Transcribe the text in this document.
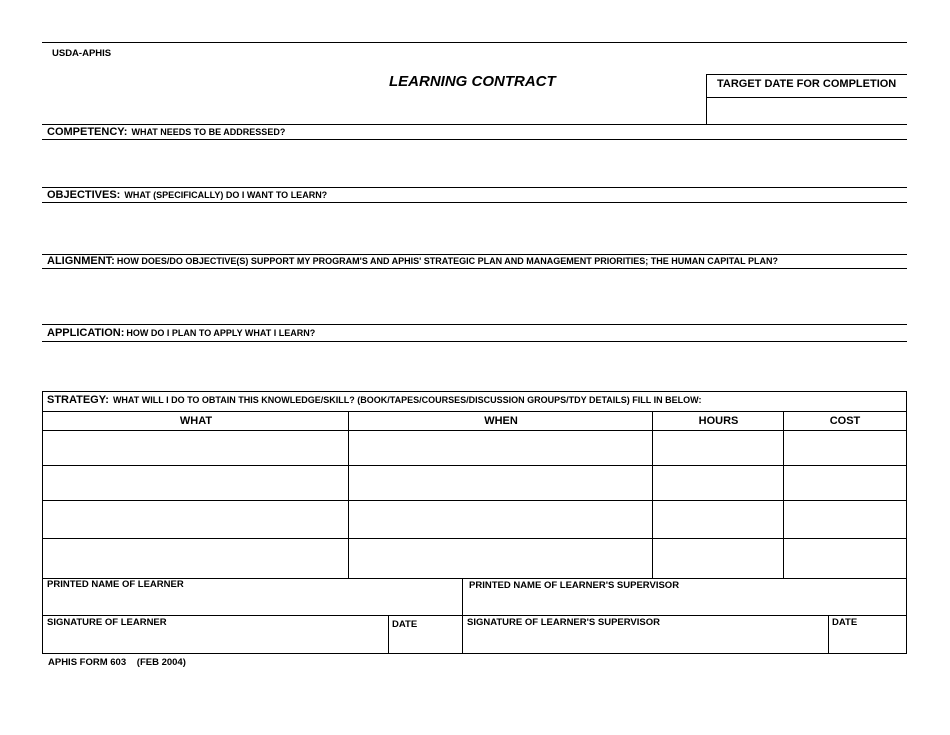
USDA-APHIS
LEARNING CONTRACT	TARGET DATE FOR COMPLETION
COMPETENCY: WHAT NEEDS TO BE ADDRESSED?
OBJECTIVES: WHAT (SPECIFICALLY) DO I WANT TO LEARN?
ALIGNMENT: HOW DOES/DO OBJECTIVE(S) SUPPORT MY PROGRAM'S AND APHIS' STRATEGIC PLAN AND MANAGEMENT PRIORITIES; THE HUMAN CAPITAL PLAN?
APPLICATION: HOW DO I PLAN TO APPLY WHAT I LEARN?
STRATEGY: WHAT WILL I DO TO OBTAIN THIS KNOWLEDGE/SKILL? (BOOK/TAPES/COURSES/DISCUSSION GROUPS/TDY DETAILS) FILL IN BELOW:
WHAT	WHEN	HOURS	COST
PRINTED NAME OF LEARNER	PRINTED NAME OF LEARNER'S SUPERVISOR
SIGNATURE OF LEARNER	DATE	SIGNATURE OF LEARNER'S SUPERVISOR	DATE
APHIS FORM 603 (FEB 2004)
